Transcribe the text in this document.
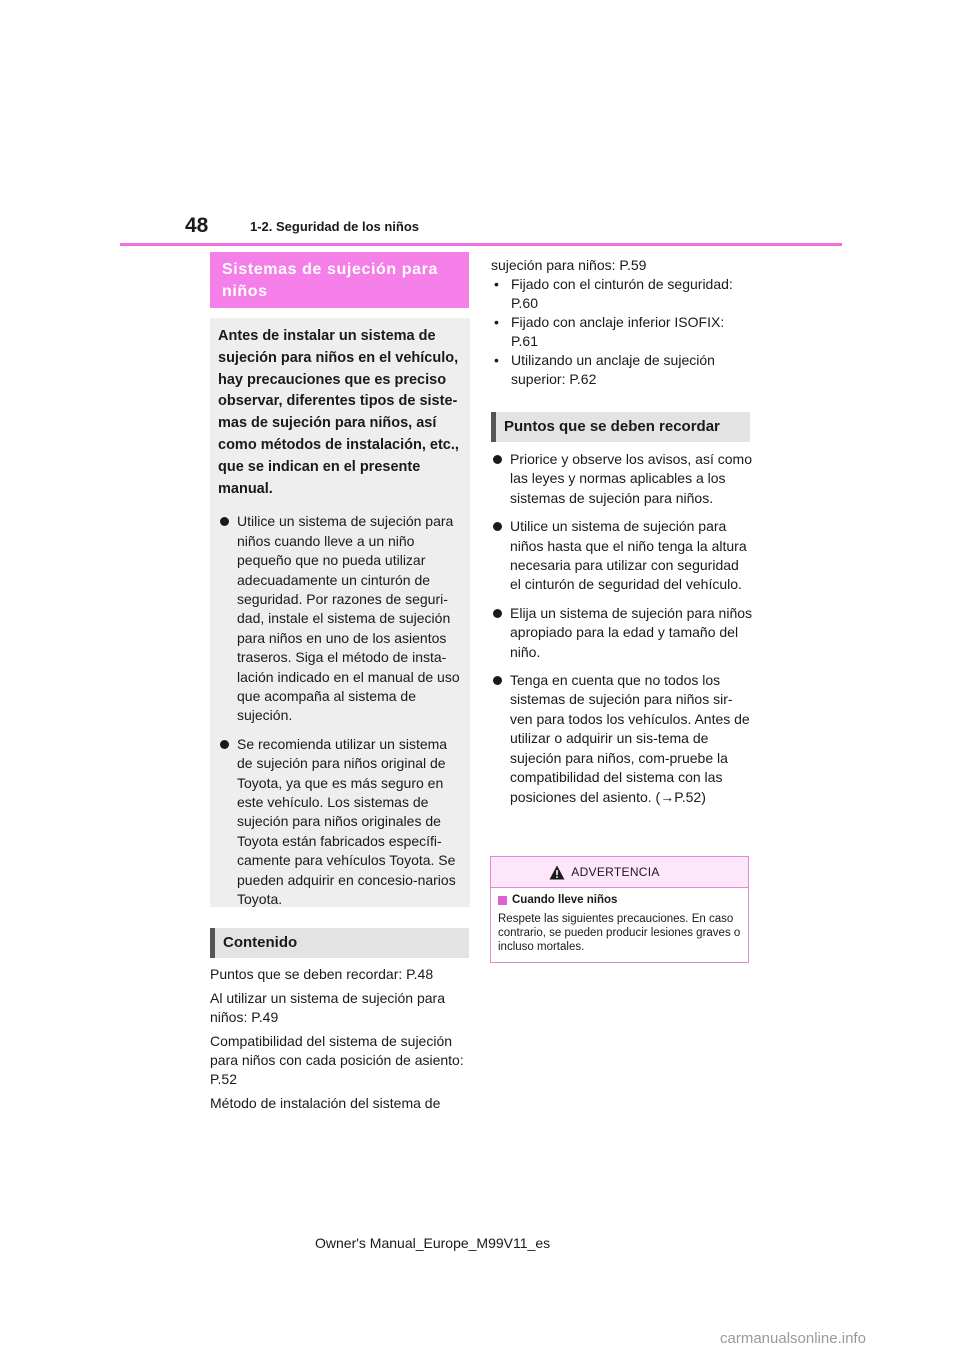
48	1-2. Seguridad de los niños
Sistemas de sujeción para niños

Antes de instalar un sistema de sujeción para niños en el vehículo, hay precauciones que es preciso observar, diferentes tipos de siste-mas de sujeción para niños, así como métodos de instalación, etc., que se indican en el presente manual.

Utilice un sistema de sujeción para niños cuando lleve a un niño pequeño que no pueda utilizar adecuadamente un cinturón de seguridad. Por razones de seguri-dad, instale el sistema de sujeción para niños en uno de los asientos traseros. Siga el método de insta-lación indicado en el manual de uso que acompaña al sistema de sujeción.

Se recomienda utilizar un sistema de sujeción para niños original de Toyota, ya que es más seguro en este vehículo. Los sistemas de sujeción para niños originales de Toyota están fabricados específi-camente para vehículos Toyota. Se pueden adquirir en concesio-narios Toyota.

Contenido

Puntos que se deben recordar: P.48

Al utilizar un sistema de sujeción para niños: P.49

Compatibilidad del sistema de sujeción para niños con cada posición de asiento: P.52

Método de instalación del sistema de

sujeción para niños: P.59

• Fijado con el cinturón de seguridad: P.60

• Fijado con anclaje inferior ISOFIX: P.61

• Utilizando un anclaje de sujeción superior: P.62

Puntos que se deben recordar

Priorice y observe los avisos, así como las leyes y normas aplicables a los sistemas de sujeción para niños.

Utilice un sistema de sujeción para niños hasta que el niño tenga la altura necesaria para utilizar con seguridad el cinturón de seguridad del vehículo.

Elija un sistema de sujeción para niños apropiado para la edad y tamaño del niño.

Tenga en cuenta que no todos los sistemas de sujeción para niños sir-ven para todos los vehículos. Antes de utilizar o adquirir un sis-tema de sujeción para niños, com-pruebe la compatibilidad del sistema con las posiciones del asiento. (→P.52)

ADVERTENCIA

Cuando lleve niños

Respete las siguientes precauciones. En caso contrario, se pueden producir lesiones graves o incluso mortales.

Owner's Manual_Europe_M99V11_es
carmanualsonline.info
